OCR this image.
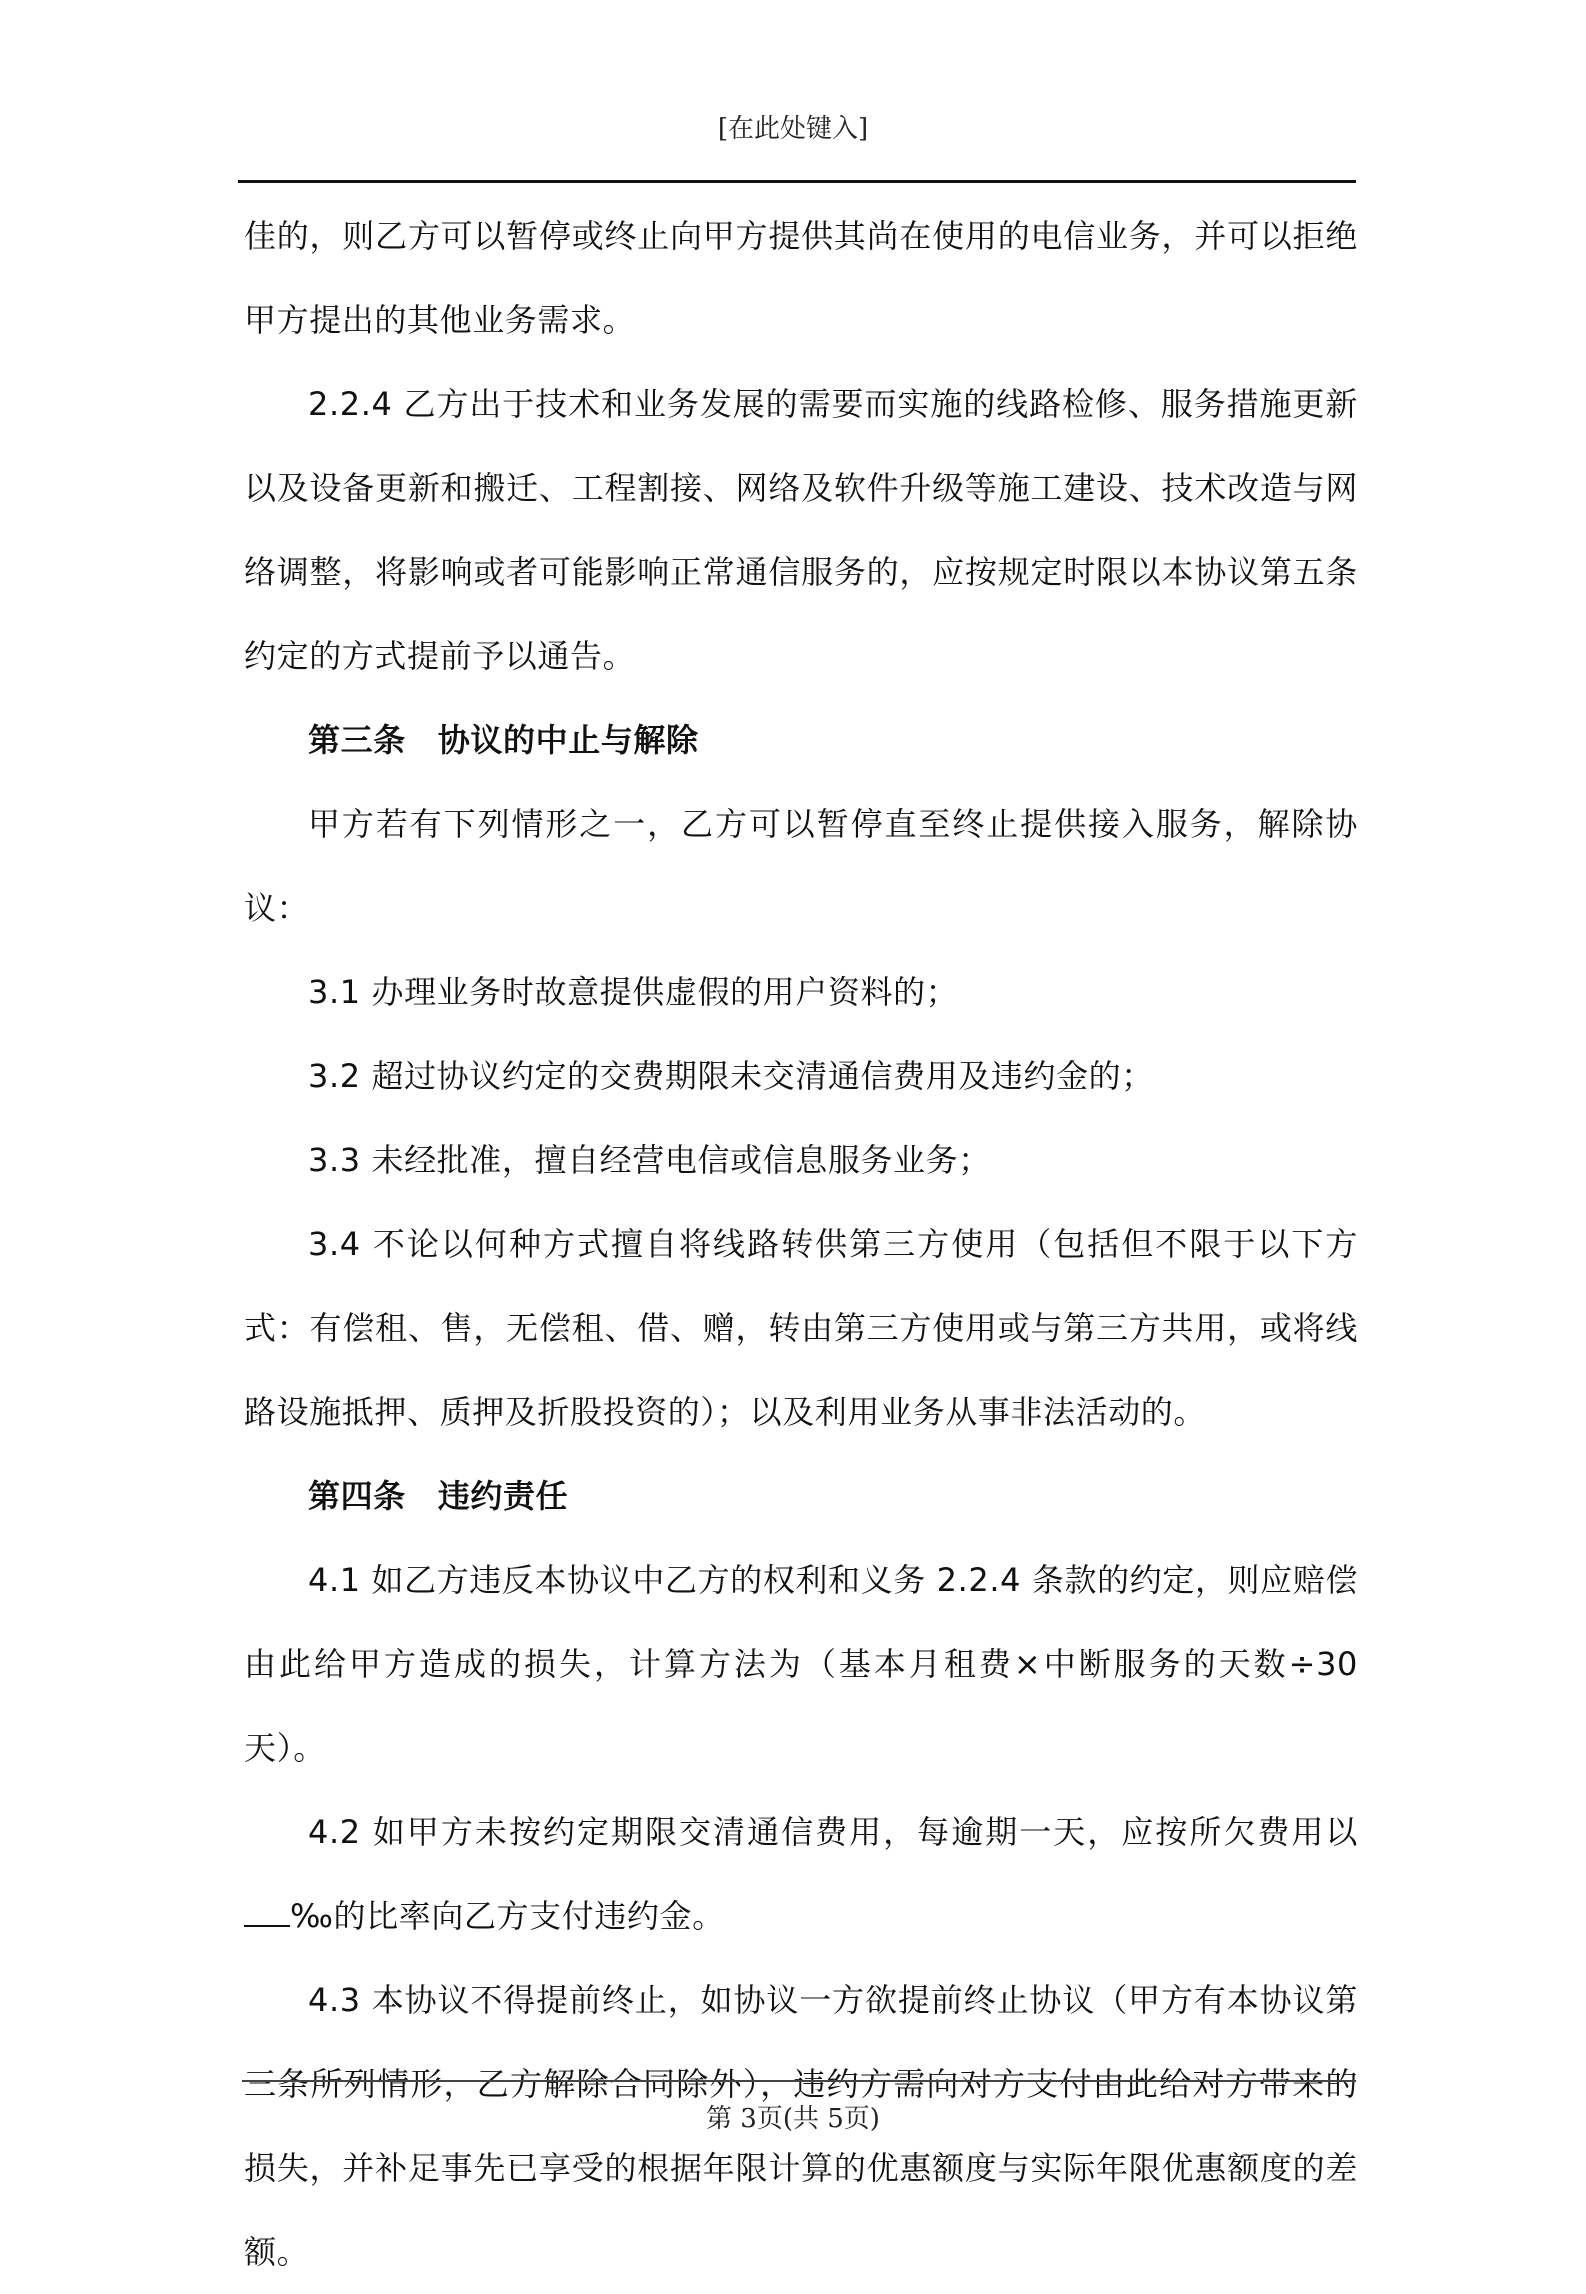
[在此处键入]

佳的，则乙方可以暂停或终止向甲方提供其尚在使用的电信业务，并可以拒绝甲方提出的其他业务需求。

2.2.4 乙方出于技术和业务发展的需要而实施的线路检修、服务措施更新以及设备更新和搬迁、工程割接、网络及软件升级等施工建设、技术改造与网络调整，将影响或者可能影响正常通信服务的，应按规定时限以本协议第五条约定的方式提前予以通告。

第三条 协议的中止与解除

甲方若有下列情形之一，乙方可以暂停直至终止提供接入服务，解除协议：

3.1 办理业务时故意提供虚假的用户资料的；

3.2 超过协议约定的交费期限未交清通信费用及违约金的；

3.3 未经批准，擅自经营电信或信息服务业务；

3.4 不论以何种方式擅自将线路转供第三方使用（包括但不限于以下方式：有偿租、售，无偿租、借、赠，转由第三方使用或与第三方共用，或将线路设施抵押、质押及折股投资的）；以及利用业务从事非法活动的。

第四条 违约责任

4.1 如乙方违反本协议中乙方的权利和义务 2.2.4 条款的约定，则应赔偿由此给甲方造成的损失，计算方法为（基本月租费×中断服务的天数÷30 天）。

4.2 如甲方未按约定期限交清通信费用，每逾期一天，应按所欠费用以‰的比率向乙方支付违约金。

4.3 本协议不得提前终止，如协议一方欲提前终止协议（甲方有本协议第三条所列情形，乙方解除合同除外），违约方需向对方支付由此给对方带来的损失，并补足事先已享受的根据年限计算的优惠额度与实际年限优惠额度的差额。

第 3页(共 5页)
